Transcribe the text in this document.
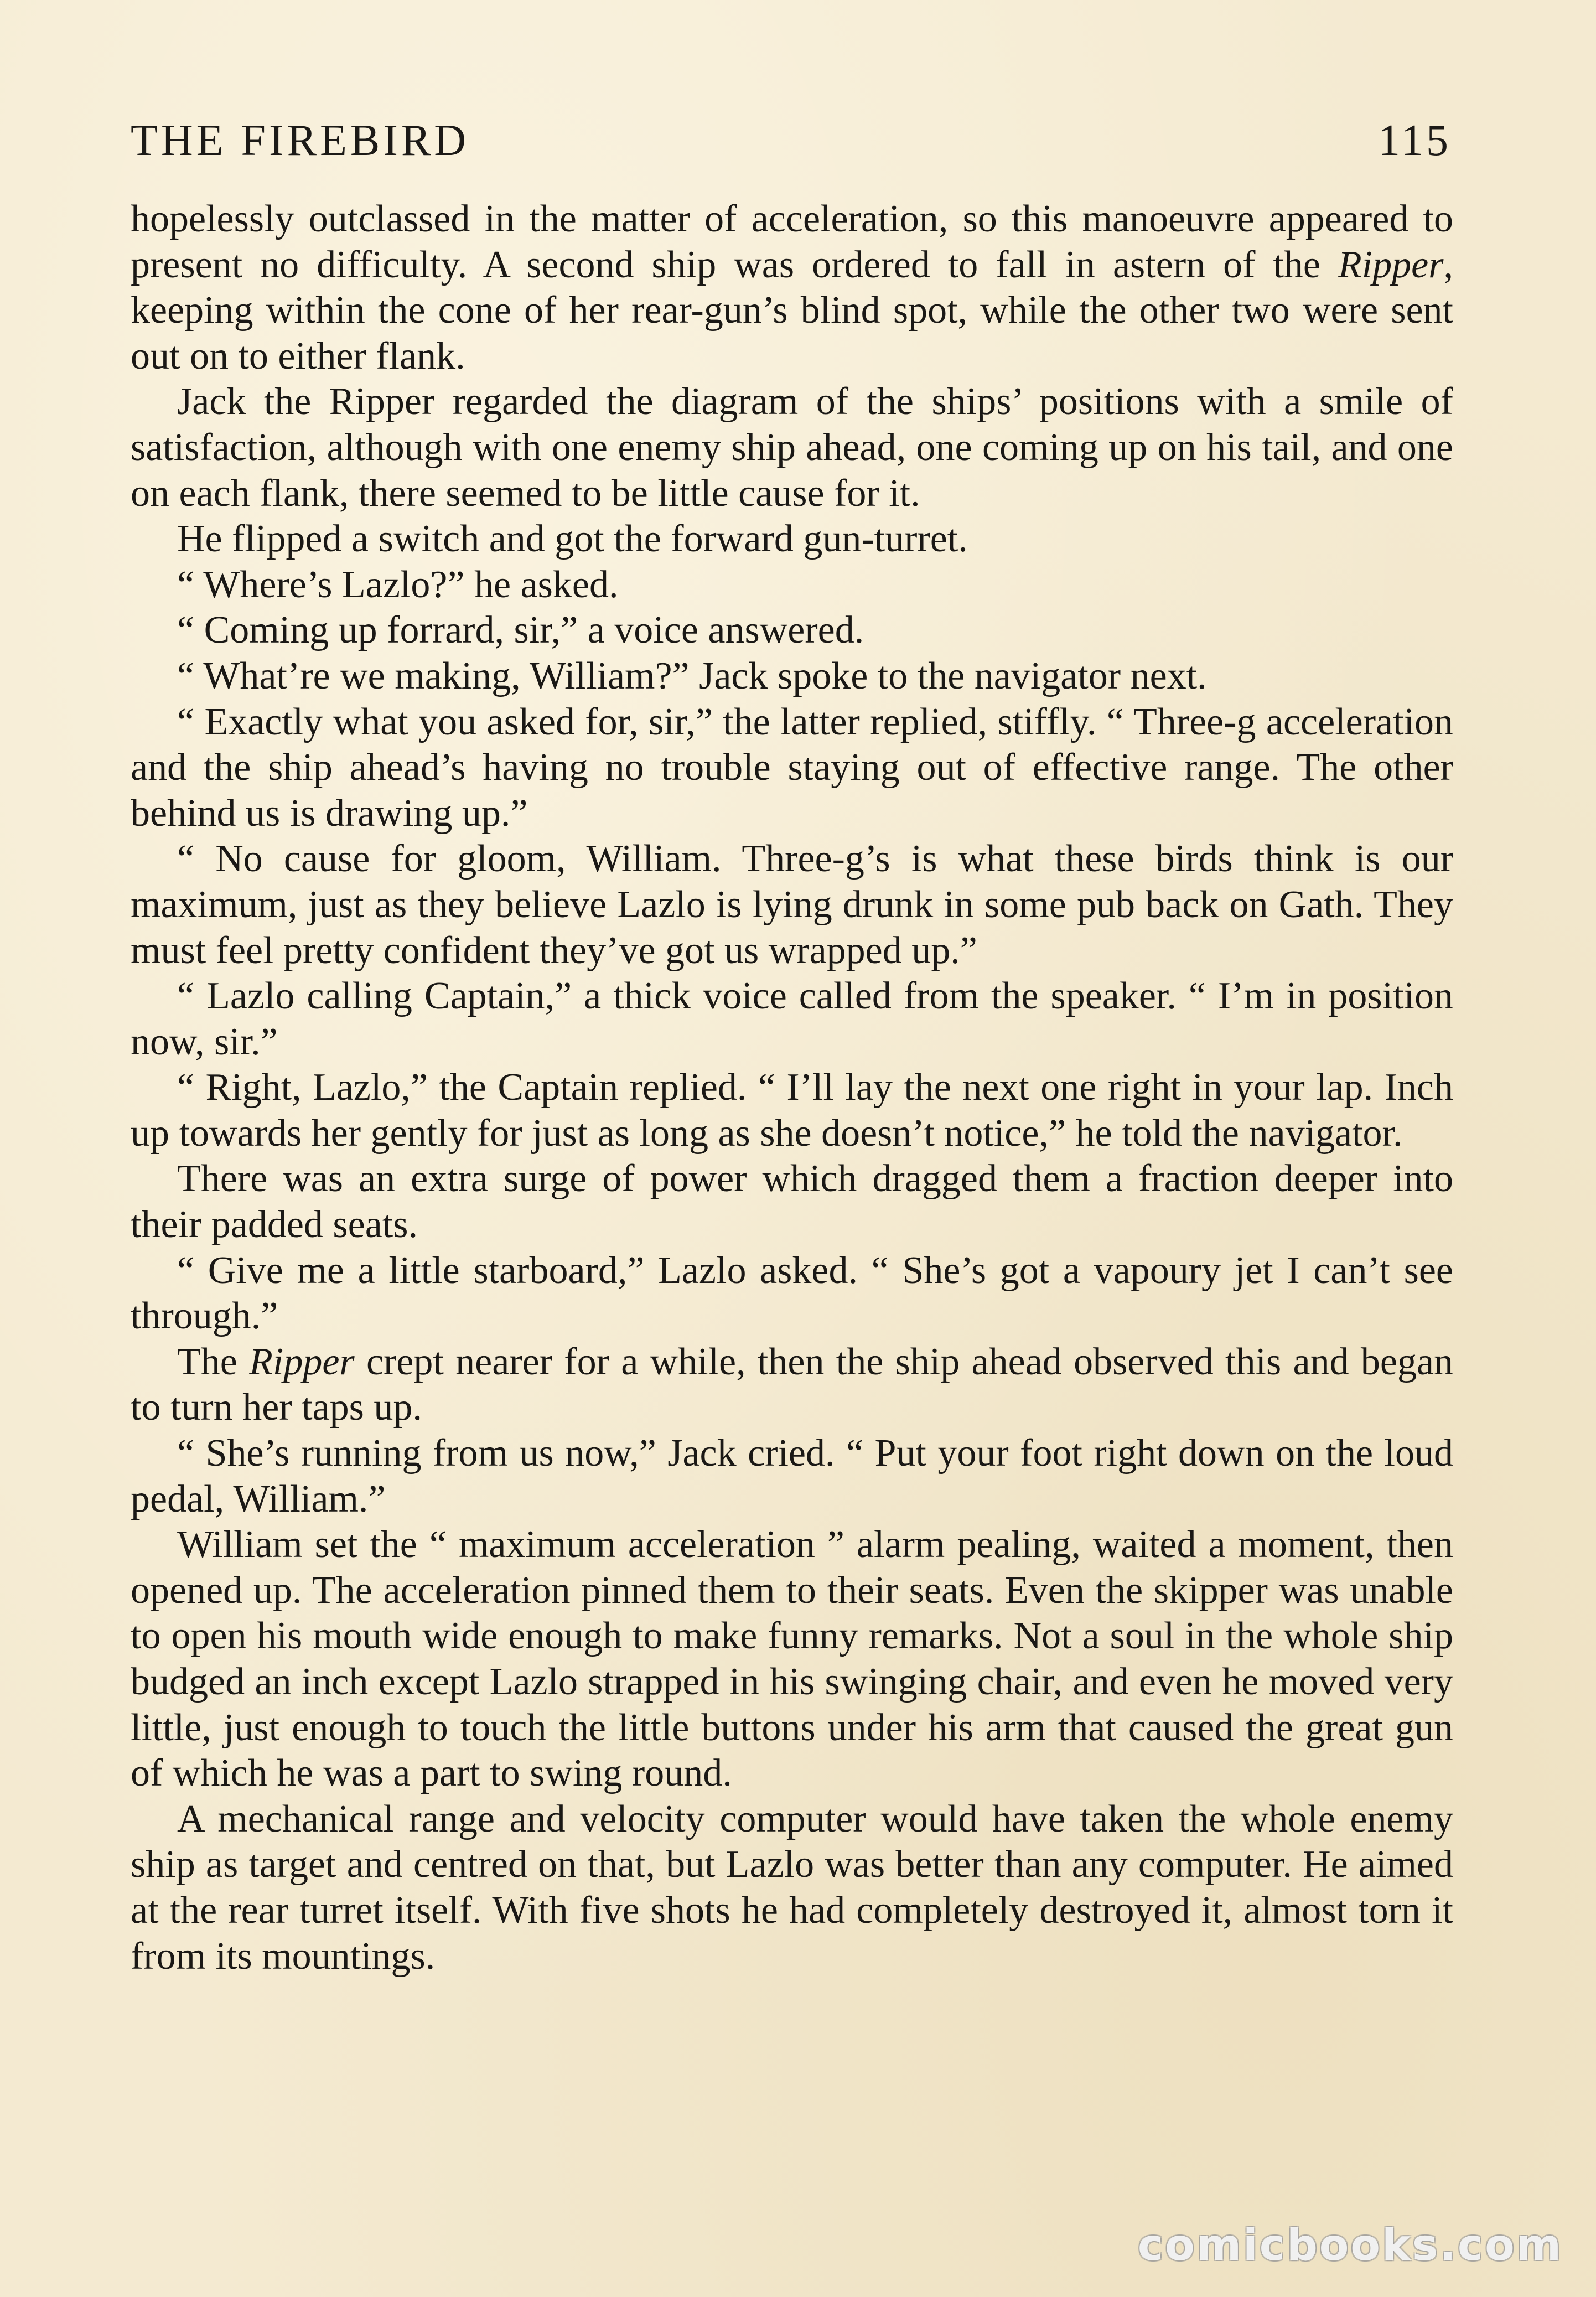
THE FIREBIRD	115

hopelessly outclassed in the matter of acceleration, so this manoeuvre appeared to present no difficulty. A second ship was ordered to fall in astern of the Ripper, keeping within the cone of her rear-gun’s blind spot, while the other two were sent out on to either flank.

Jack the Ripper regarded the diagram of the ships’ positions with a smile of satisfaction, although with one enemy ship ahead, one coming up on his tail, and one on each flank, there seemed to be little cause for it.

He flipped a switch and got the forward gun-turret.

“ Where’s Lazlo?” he asked.

“ Coming up forrard, sir,” a voice answered.

“ What’re we making, William?” Jack spoke to the navigator next.

“ Exactly what you asked for, sir,” the latter replied, stiffly. “ Three-g acceleration and the ship ahead’s having no trouble staying out of effective range. The other behind us is drawing up.”

“ No cause for gloom, William. Three-g’s is what these birds think is our maximum, just as they believe Lazlo is lying drunk in some pub back on Gath. They must feel pretty confident they’ve got us wrapped up.”

“ Lazlo calling Captain,” a thick voice called from the speaker. “ I’m in position now, sir.”

“ Right, Lazlo,” the Captain replied. “ I’ll lay the next one right in your lap. Inch up towards her gently for just as long as she doesn’t notice,” he told the navigator.

There was an extra surge of power which dragged them a fraction deeper into their padded seats.

“ Give me a little starboard,” Lazlo asked. “ She’s got a vapoury jet I can’t see through.”

The Ripper crept nearer for a while, then the ship ahead observed this and began to turn her taps up.

“ She’s running from us now,” Jack cried. “ Put your foot right down on the loud pedal, William.”

William set the “ maximum acceleration ” alarm pealing, waited a moment, then opened up. The acceleration pinned them to their seats. Even the skipper was unable to open his mouth wide enough to make funny remarks. Not a soul in the whole ship budged an inch except Lazlo strapped in his swinging chair, and even he moved very little, just enough to touch the little buttons under his arm that caused the great gun of which he was a part to swing round.

A mechanical range and velocity computer would have taken the whole enemy ship as target and centred on that, but Lazlo was better than any computer. He aimed at the rear turret itself. With five shots he had completely destroyed it, almost torn it from its mountings.

comicbooks.com
